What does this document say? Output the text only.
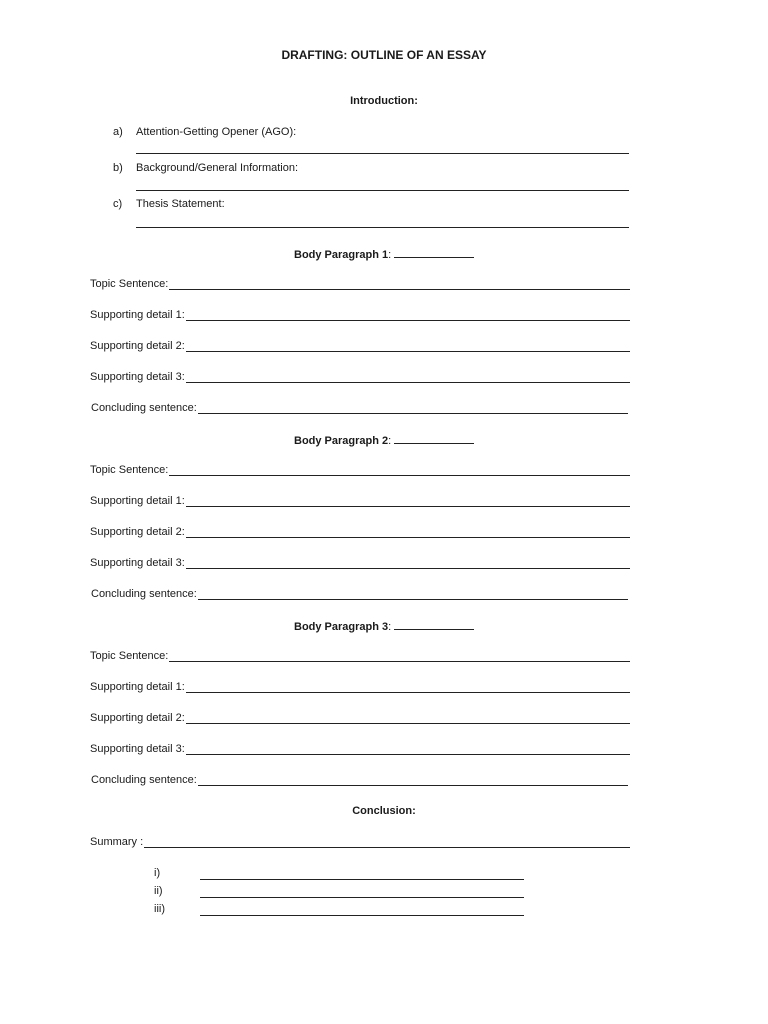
DRAFTING: OUTLINE OF AN ESSAY
Introduction:
a) Attention-Getting Opener (AGO):
b) Background/General Information:
c) Thesis Statement:
Body Paragraph 1:
Topic Sentence:
Supporting detail 1:
Supporting detail 2:
Supporting detail 3:
Concluding sentence:
Body Paragraph 2:
Topic Sentence:
Supporting detail 1:
Supporting detail 2:
Supporting detail 3:
Concluding sentence:
Body Paragraph 3:
Topic Sentence:
Supporting detail 1:
Supporting detail 2:
Supporting detail 3:
Concluding sentence:
Conclusion:
Summary :
i)
ii)
iii)
